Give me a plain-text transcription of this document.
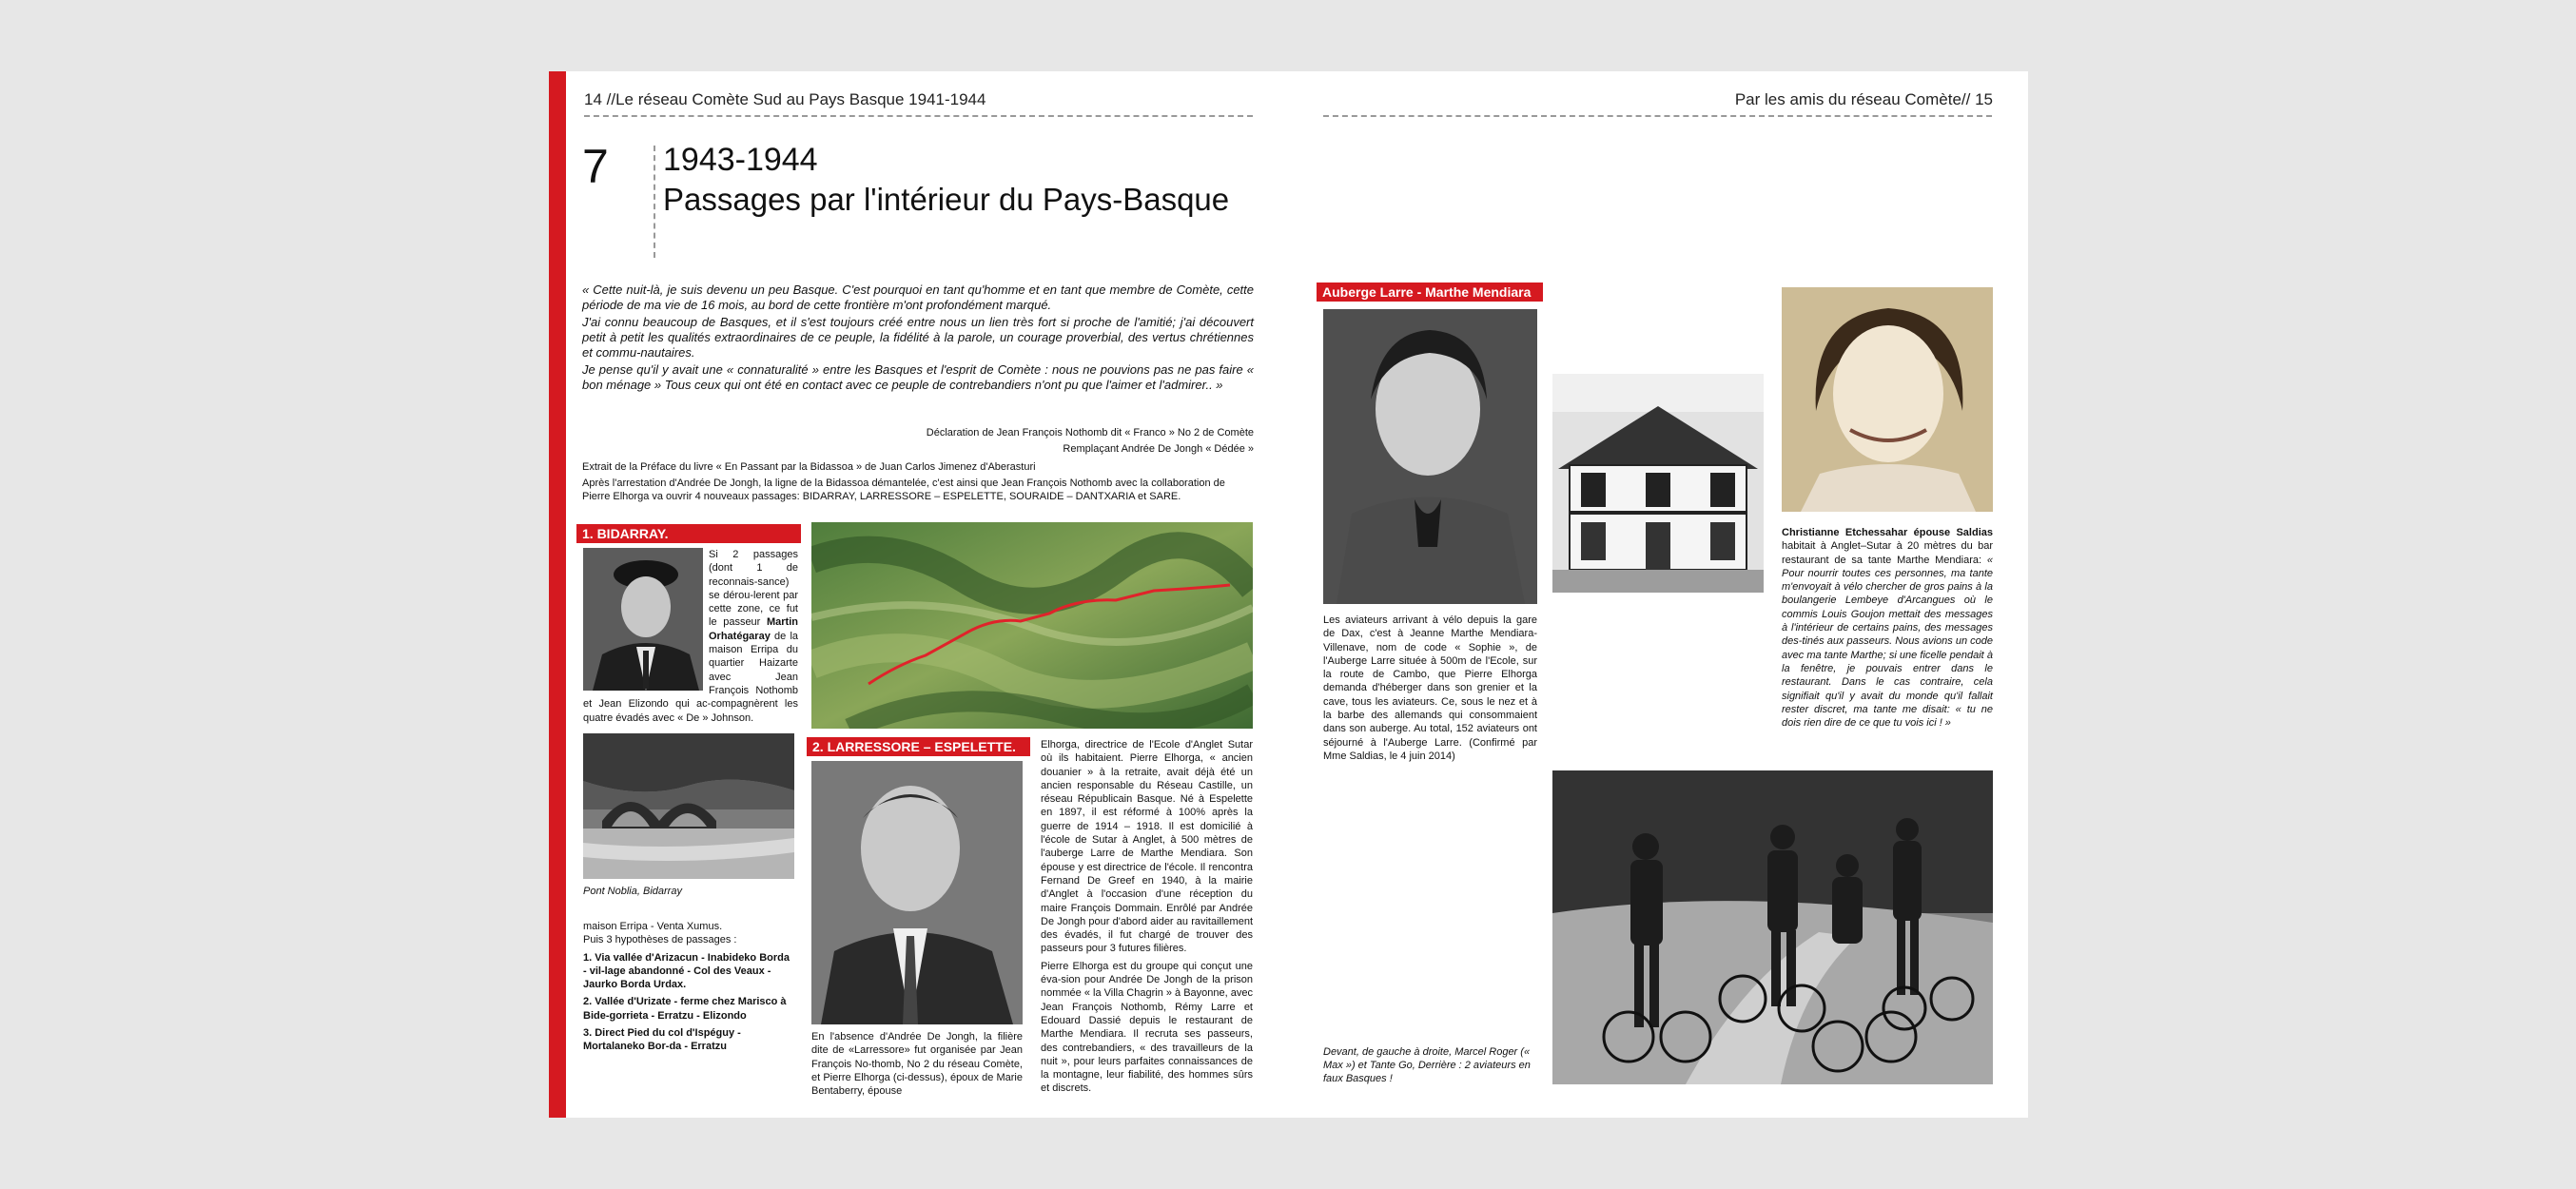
14 //Le réseau Comète Sud au Pays Basque 1941-1944	Par les amis du réseau Comète// 15
7 1943-1944
Passages par l'intérieur du Pays-Basque

« Cette nuit-là, je suis devenu un peu Basque. C'est pourquoi en tant qu'homme et en tant que membre de Comète, cette période de ma vie de 16 mois, au bord de cette frontière m'ont profondément marqué.

J'ai connu beaucoup de Basques, et il s'est toujours créé entre nous un lien très fort si proche de l'amitié; j'ai découvert petit à petit les qualités extraordinaires de ce peuple, la fidélité à la parole, un courage proverbial, des vertus chrétiennes et commu-nautaires.

Je pense qu'il y avait une « connaturalité » entre les Basques et l'esprit de Comète : nous ne pouvions pas ne pas faire « bon ménage » Tous ceux qui ont été en contact avec ce peuple de contrebandiers n'ont pu que l'aimer et l'admirer.. »

Déclaration de Jean François Nothomb dit « Franco » No 2 de Comète
Remplaçant Andrée De Jongh « Dédée »

Extrait de la Préface du livre « En Passant par la Bidassoa » de Juan Carlos Jimenez d'Aberasturi

Après l'arrestation d'Andrée De Jongh, la ligne de la Bidassoa démantelée, c'est ainsi que Jean François Nothomb avec la collaboration de Pierre Elhorga va ouvrir 4 nouveaux passages: BIDARRAY, LARRESSORE – ESPELETTE, SOURAIDE – DANTXARIA et SARE.

1. BIDARRAY.
Si 2 passages (dont 1 de reconnais-sance) se dérou-lerent par cette zone, ce fut le passeur Martin Orhatégaray de la maison Erripa du quartier Haizarte avec Jean François Nothomb et Jean Elizondo qui ac-compagnèrent les quatre évadés avec « De » Johnson.
Pont Noblia, Bidarray
maison Erripa - Venta Xumus.
Puis 3 hypothèses de passages :
1. Via vallée d'Arizacun - Inabideko Borda - vil-lage abandonné - Col des Veaux - Jaurko Borda Urdax.
2. Vallée d'Urizate - ferme chez Marisco à Bide-gorrieta - Erratzu - Elizondo
3. Direct Pied du col d'Ispéguy - Mortalaneko Bor-da - Erratzu
2. LARRESSORE – ESPELETTE.
En l'absence d'Andrée De Jongh, la filière dite de «Larressore» fut organisée par Jean François No-thomb, No 2 du réseau Comète, et Pierre Elhorga (ci-dessus), époux de Marie Bentaberry, épouse

Elhorga, directrice de l'Ecole d'Anglet Sutar où ils habitaient. Pierre Elhorga, « ancien douanier » à la retraite, avait déjà été un ancien responsable du Réseau Castille, un réseau Républicain Basque. Né à Espelette en 1897, il est réformé à 100% après la guerre de 1914 – 1918. Il est domicilié à l'école de Sutar à Anglet, à 500 mètres de l'auberge Larre de Marthe Mendiara. Son épouse y est directrice de l'école. Il rencontra Fernand De Greef en 1940, à la mairie d'Anglet à l'occasion d'une réception du maire François Dommain. Enrôlé par Andrée De Jongh pour d'abord aider au ravitaillement des évadés, il fut chargé de trouver des passeurs pour 3 futures filières.

Pierre Elhorga est du groupe qui conçut une éva-sion pour Andrée De Jongh de la prison nommée « la Villa Chagrin » à Bayonne, avec Jean François Nothomb, Rémy Larre et Edouard Dassié depuis le restaurant de Marthe Mendiara. Il recruta ses passeurs, des contrebandiers, « des travailleurs de la nuit », pour leurs parfaites connaissances de la montagne, leur fiabilité, des hommes sûrs et discrets.

Auberge Larre - Marthe Mendiara
Les aviateurs arrivant à vélo depuis la gare de Dax, c'est à Jeanne Marthe Mendiara-Villenave, nom de code « Sophie », de l'Auberge Larre située à 500m de l'Ecole, sur la route de Cambo, que Pierre Elhorga demanda d'héberger dans son grenier et la cave, tous les aviateurs. Ce, sous le nez et à la barbe des allemands qui consommaient dans son auberge. Au total, 152 aviateurs ont séjourné à l'Auberge Larre. (Confirmé par Mme Saldias, le 4 juin 2014)
Christianne Etchessahar épouse Saldias habitait à Anglet–Sutar à 20 mètres du bar restaurant de sa tante Marthe Mendiara: « Pour nourrir toutes ces personnes, ma tante m'envoyait à vélo chercher de gros pains à la boulangerie Lembeye d'Arcangues où le commis Louis Goujon mettait des messages à l'intérieur de certains pains, des messages des-tinés aux passeurs. Nous avions un code avec ma tante Marthe; si une ficelle pendait à la fenêtre, je pouvais entrer dans le restaurant. Dans le cas contraire, cela signifiait qu'il y avait du monde qu'il fallait rester discret, ma tante me disait: « tu ne dois rien dire de ce que tu vois ici ! »
Devant, de gauche à droite, Marcel Roger (« Max ») et Tante Go, Derrière : 2 aviateurs en faux Basques !
